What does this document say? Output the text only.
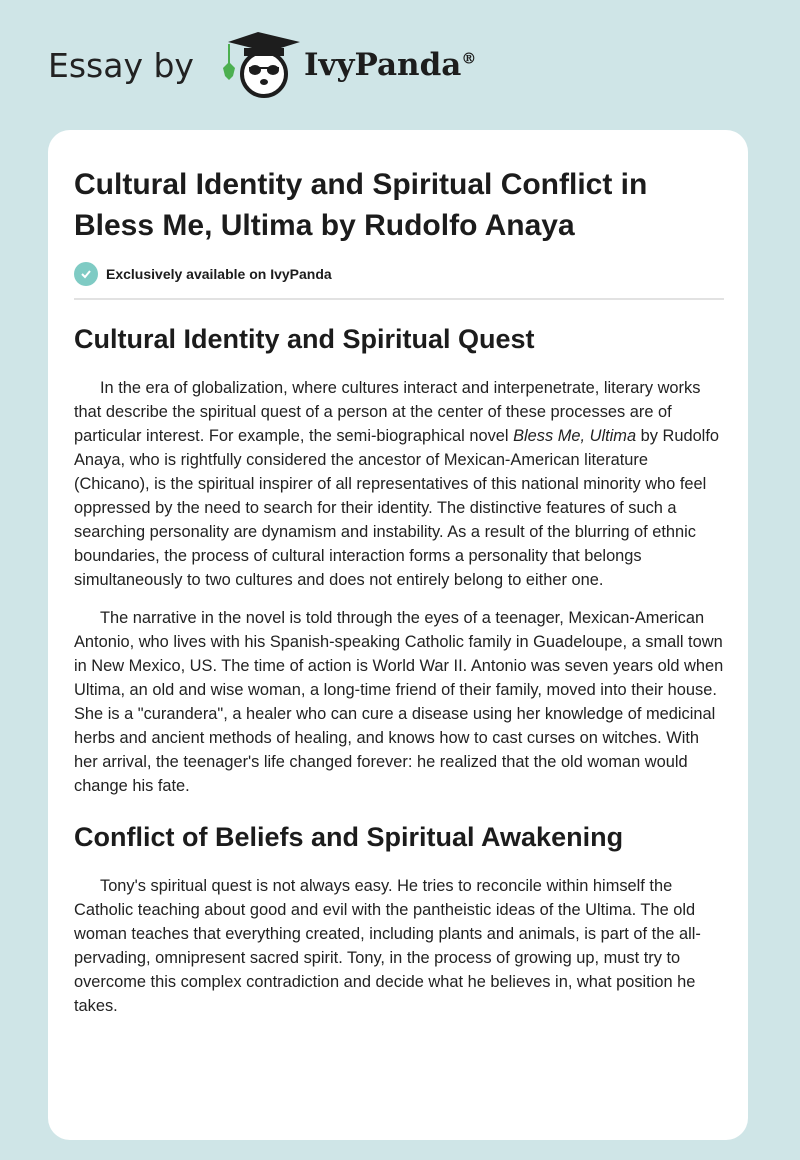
Essay by	IvyPanda®
Cultural Identity and Spiritual Conflict in Bless Me, Ultima by Rudolfo Anaya
Exclusively available on IvyPanda
Cultural Identity and Spiritual Quest

In the era of globalization, where cultures interact and interpenetrate, literary works that describe the spiritual quest of a person at the center of these processes are of particular interest. For example, the semi-biographical novel Bless Me, Ultima by Rudolfo Anaya, who is rightfully considered the ancestor of Mexican-American literature (Chicano), is the spiritual inspirer of all representatives of this national minority who feel oppressed by the need to search for their identity. The distinctive features of such a searching personality are dynamism and instability. As a result of the blurring of ethnic boundaries, the process of cultural interaction forms a personality that belongs simultaneously to two cultures and does not entirely belong to either one.

The narrative in the novel is told through the eyes of a teenager, Mexican-American Antonio, who lives with his Spanish-speaking Catholic family in Guadeloupe, a small town in New Mexico, US. The time of action is World War II. Antonio was seven years old when Ultima, an old and wise woman, a long-time friend of their family, moved into their house. She is a "curandera", a healer who can cure a disease using her knowledge of medicinal herbs and ancient methods of healing, and knows how to cast curses on witches. With her arrival, the teenager's life changed forever: he realized that the old woman would change his fate.

Conflict of Beliefs and Spiritual Awakening

Tony's spiritual quest is not always easy. He tries to reconcile within himself the Catholic teaching about good and evil with the pantheistic ideas of the Ultima. The old woman teaches that everything created, including plants and animals, is part of the all-pervading, omnipresent sacred spirit. Tony, in the process of growing up, must try to overcome this complex contradiction and decide what he believes in, what position he takes.
